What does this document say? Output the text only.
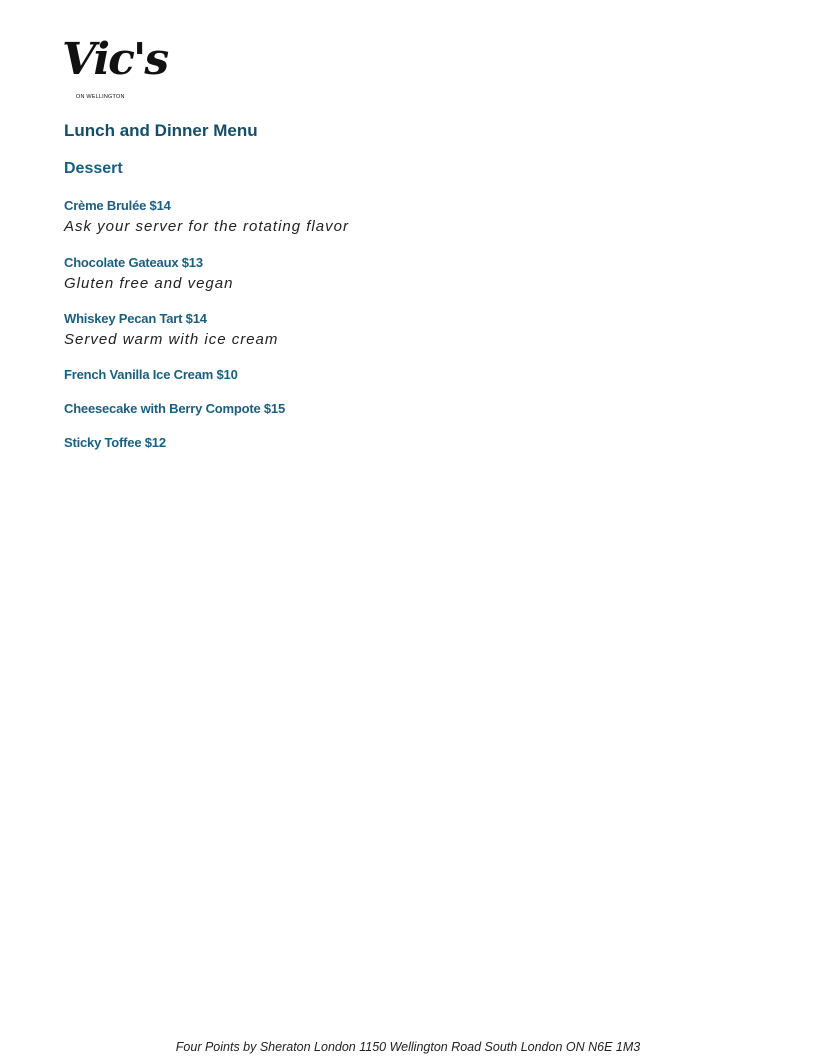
Vic's
ON WELLINGTON
Lunch and Dinner Menu
Dessert

Crème Brulée $14

Ask your server for the rotating flavor

Chocolate Gateaux $13

Gluten free and vegan

Whiskey Pecan Tart $14

Served warm with ice cream

French Vanilla Ice Cream $10

Cheesecake with Berry Compote $15

Sticky Toffee $12

Four Points by Sheraton London 1150 Wellington Road South London ON N6E 1M3
